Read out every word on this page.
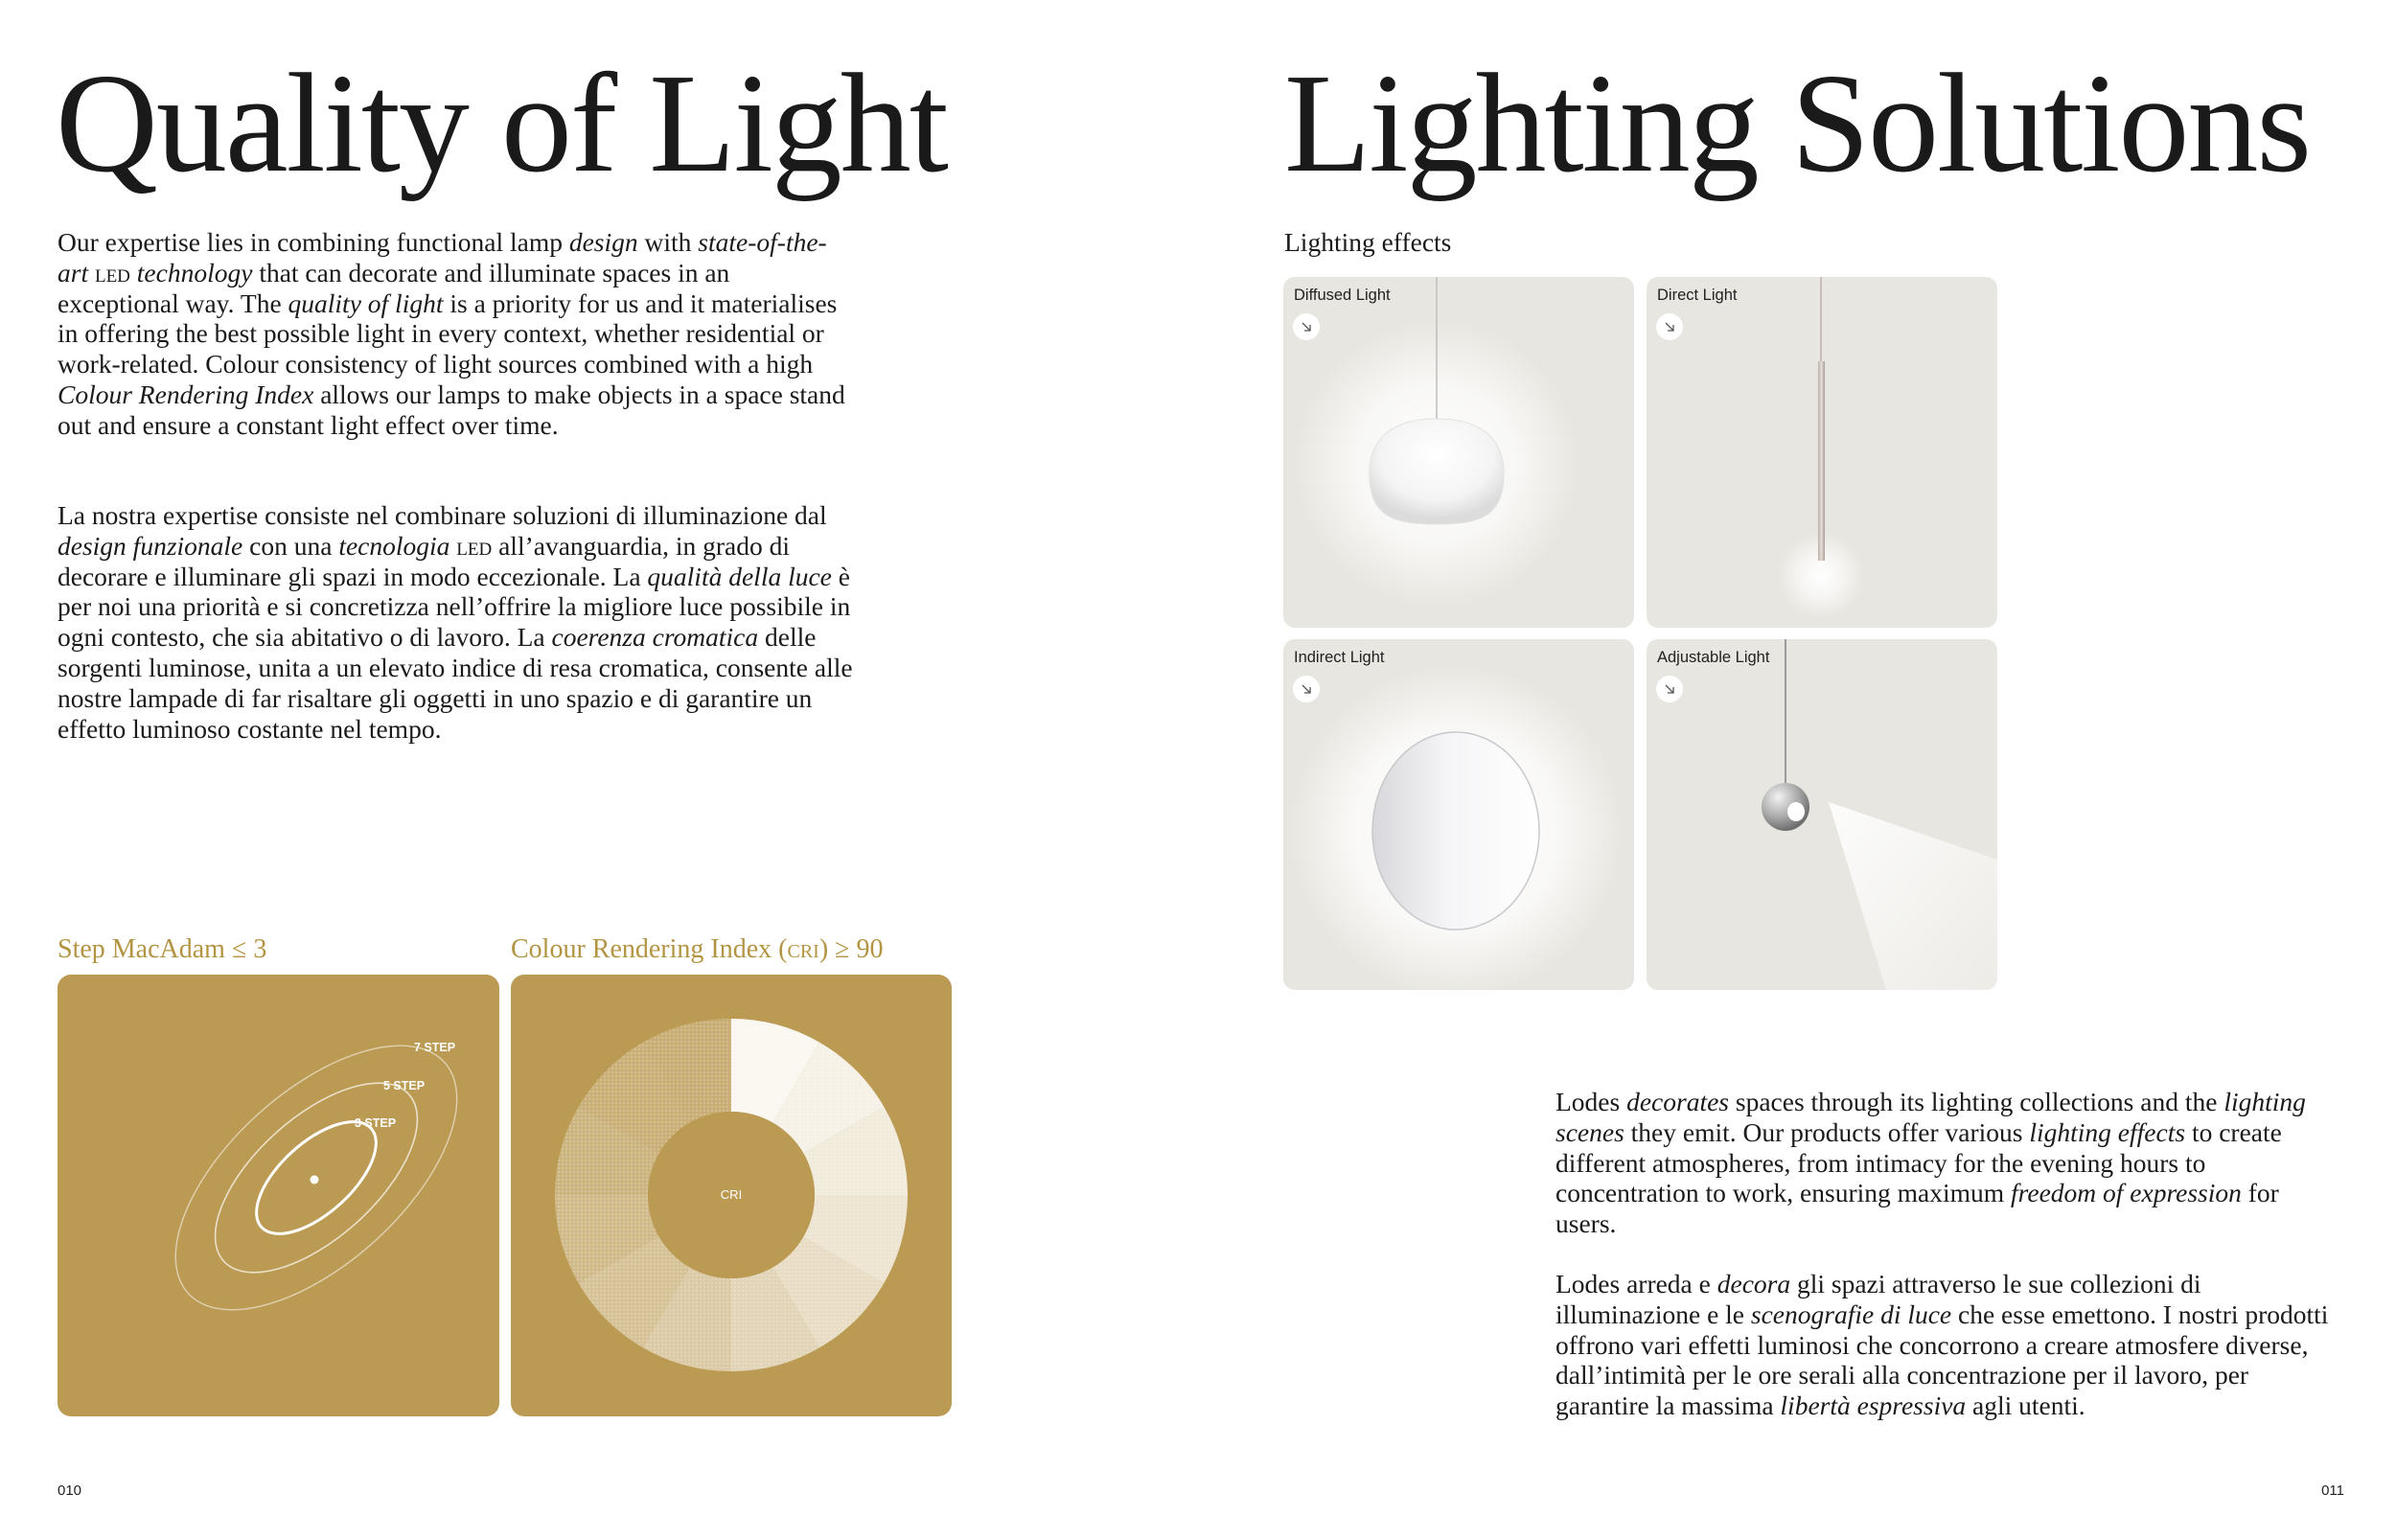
Quality of Light

Our expertise lies in combining functional lamp design with state-of-the-art led technology that can decorate and illuminate spaces in an exceptional way. The quality of light is a priority for us and it materialises in offering the best possible light in every context, whether residential or work-related. Colour consistency of light sources combined with a high Colour Rendering Index allows our lamps to make objects in a space stand out and ensure a constant light effect over time.

La nostra expertise consiste nel combinare soluzioni di illuminazione dal design funzionale con una tecnologia led all’avanguardia, in grado di decorare e illuminare gli spazi in modo eccezionale. La qualità della luce è per noi una priorità e si concretizza nell’offrire la migliore luce possibile in ogni contesto, che sia abitativo o di lavoro. La coerenza cromatica delle sorgenti luminose, unita a un elevato indice di resa cromatica, consente alle nostre lampade di far risaltare gli oggetti in uno spazio e di garantire un effetto luminoso costante nel tempo.

Step MacAdam ≤ 3	Colour Rendering Index (cri) ≥ 90
7 STEP
5 STEP
3 STEP
CRI
010
Lighting Solutions
Lighting effects
Diffused Light	Direct Light
Indirect Light	Adjustable Light

Lodes decorates spaces through its lighting collections and the lighting scenes they emit. Our products offer various lighting effects to create different atmospheres, from intimacy for the evening hours to concentration to work, ensuring maximum freedom of expression for users.

Lodes arreda e decora gli spazi attraverso le sue collezioni di illuminazione e le scenografie di luce che esse emettono. I nostri prodotti offrono vari effetti luminosi che concorrono a creare atmosfere diverse, dall’intimità per le ore serali alla concentrazione per il lavoro, per garantire la massima libertà espressiva agli utenti.

011
